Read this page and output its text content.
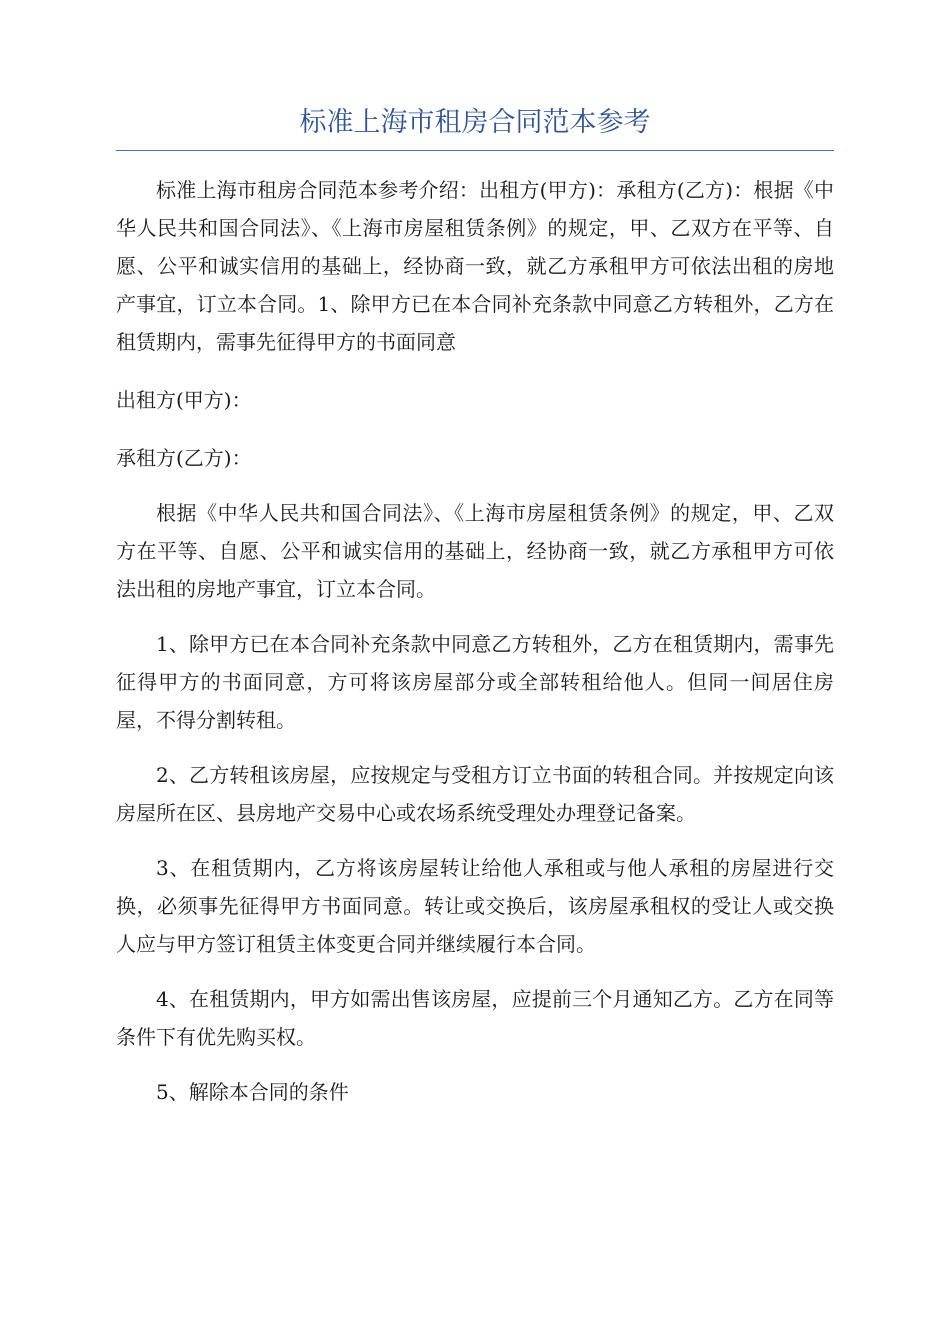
标准上海市租房合同范本参考

标准上海市租房合同范本参考介绍：出租方(甲方)：承租方(乙方)：根据《中华人民共和国合同法》、《上海市房屋租赁条例》的规定，甲、乙双方在平等、自愿、公平和诚实信用的基础上，经协商一致，就乙方承租甲方可依法出租的房地产事宜，订立本合同。1、除甲方已在本合同补充条款中同意乙方转租外，乙方在租赁期内，需事先征得甲方的书面同意

出租方(甲方)：

承租方(乙方)：

根据《中华人民共和国合同法》、《上海市房屋租赁条例》的规定，甲、乙双方在平等、自愿、公平和诚实信用的基础上，经协商一致，就乙方承租甲方可依法出租的房地产事宜，订立本合同。

1、除甲方已在本合同补充条款中同意乙方转租外，乙方在租赁期内，需事先征得甲方的书面同意，方可将该房屋部分或全部转租给他人。但同一间居住房屋，不得分割转租。

2、乙方转租该房屋，应按规定与受租方订立书面的转租合同。并按规定向该房屋所在区、县房地产交易中心或农场系统受理处办理登记备案。

3、在租赁期内，乙方将该房屋转让给他人承租或与他人承租的房屋进行交换，必须事先征得甲方书面同意。转让或交换后，该房屋承租权的受让人或交换人应与甲方签订租赁主体变更合同并继续履行本合同。

4、在租赁期内，甲方如需出售该房屋，应提前三个月通知乙方。乙方在同等条件下有优先购买权。

5、解除本合同的条件
